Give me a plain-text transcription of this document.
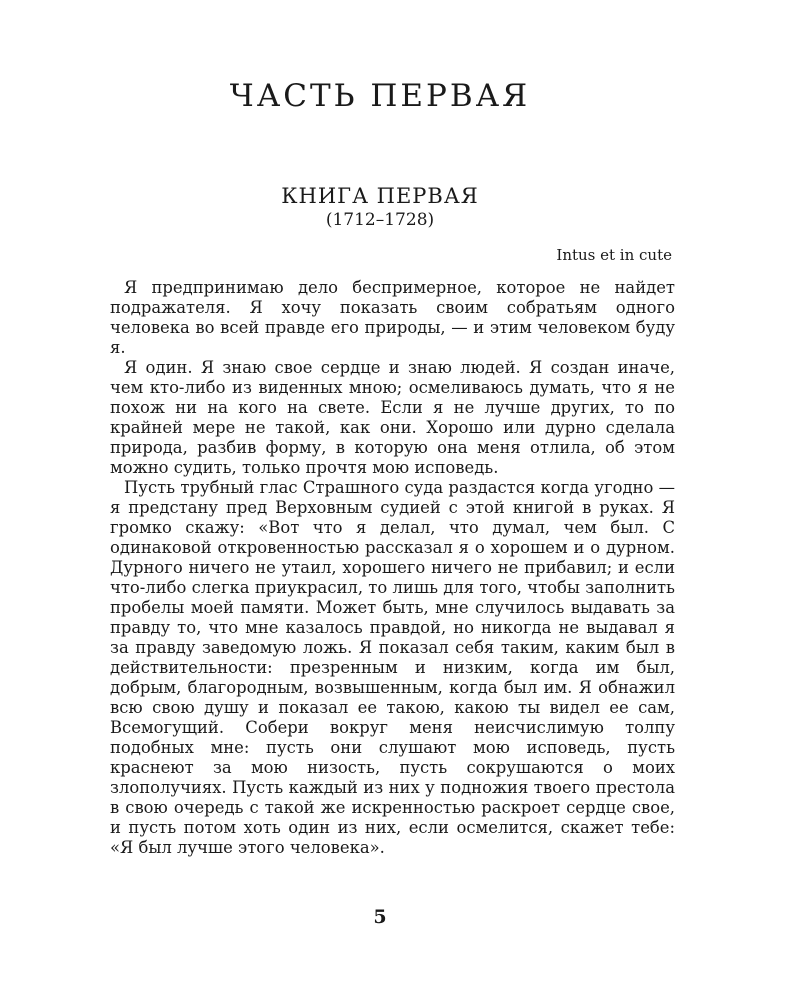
ЧАСТЬ ПЕРВАЯ
КНИГА ПЕРВАЯ
(1712–1728)
Intus et in cute

Я предпринимаю дело беспримерное, которое не найдет подражателя. Я хочу показать своим собратьям одного человека во всей правде его природы, — и этим человеком буду я.

Я один. Я знаю свое сердце и знаю людей. Я создан иначе, чем кто-либо из виденных мною; осмеливаюсь думать, что я не похож ни на кого на свете. Если я не лучше других, то по крайней мере не такой, как они. Хорошо или дурно сделала природа, разбив форму, в которую она меня отлила, об этом можно судить, только прочтя мою исповедь.

Пусть трубный глас Страшного суда раздастся когда угодно — я предстану пред Верховным судией с этой книгой в руках. Я громко скажу: «Вот что я делал, что думал, чем был. С одинаковой откровенностью рассказал я о хорошем и о дурном. Дурного ничего не утаил, хорошего ничего не прибавил; и если что-либо слегка приукрасил, то лишь для того, чтобы заполнить пробелы моей памяти. Может быть, мне случилось выдавать за правду то, что мне казалось правдой, но никогда не выдавал я за правду заведомую ложь. Я показал себя таким, каким был в действительности: презренным и низким, когда им был, добрым, благородным, возвышенным, когда был им. Я обнажил всю свою душу и показал ее такою, какою ты видел ее сам, Всемогущий. Собери вокруг меня неисчислимую толпу подобных мне: пусть они слушают мою исповедь, пусть краснеют за мою низость, пусть сокрушаются о моих злополучиях. Пусть каждый из них у подножия твоего престола в свою очередь с такой же искренностью раскроет сердце свое, и пусть потом хоть один из них, если осмелится, скажет тебе: «Я был лучше этого человека».

5
